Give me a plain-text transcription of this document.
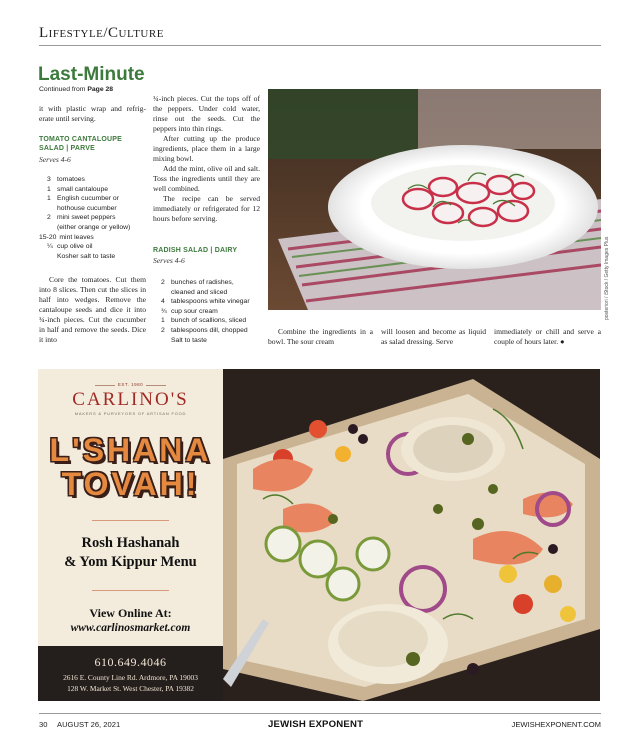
Lifestyle/Culture
Last-Minute
Continued from Page 28

it with plastic wrap and refrig-erate until serving.

TOMATO CANTALOUPE
SALAD | PARVE
Serves 4-6
3 tomatoes
1 small cantaloupe
1 English cucumber or
hothouse cucumber
2 mini sweet peppers
(either orange or yellow)
15-20 mint leaves
¼ cup olive oil
Kosher salt to taste

Core the tomatoes. Cut them into 8 slices. Then cut the slices in half into wedges. Remove the cantaloupe seeds and dice it into ¾-inch pieces. Cut the cucumber in half and remove the seeds. Dice it into

¾-inch pieces. Cut the tops off of the peppers. Under cold water, rinse out the seeds. Cut the peppers into thin rings.

After cutting up the produce ingredients, place them in a large mixing bowl.

Add the mint, olive oil and salt. Toss the ingredients until they are well combined.

The recipe can be served immediately or refrigerated for 12 hours before serving.

RADISH SALAD | DAIRY
Serves 4-6
2 bunches of radishes,
cleaned and sliced
4 tablespoons white vinegar
¾ cup sour cream
1 bunch of scallions, sliced
2 tablespoons dill, chopped
Salt to taste
posteriori / iStock / Getty Images Plus

Combine the ingredients in a bowl. The sour cream

will loosen and become as liquid as salad dressing. Serve

immediately or chill and serve a couple of hours later. ●

EST. 1980
CARLINO'S
MAKERS & PURVEYORS OF ARTISAN FOOD
L'SHANA
TOVAH!
Rosh Hashanah
& Yom Kippur Menu
View Online At:
www.carlinosmarket.com
610.649.4046
2616 E. County Line Rd. Ardmore, PA 19003
128 W. Market St. West Chester, PA 19382
30 AUGUST 26, 2021	JEWISH EXPONENT	JEWISHEXPONENT.COM
